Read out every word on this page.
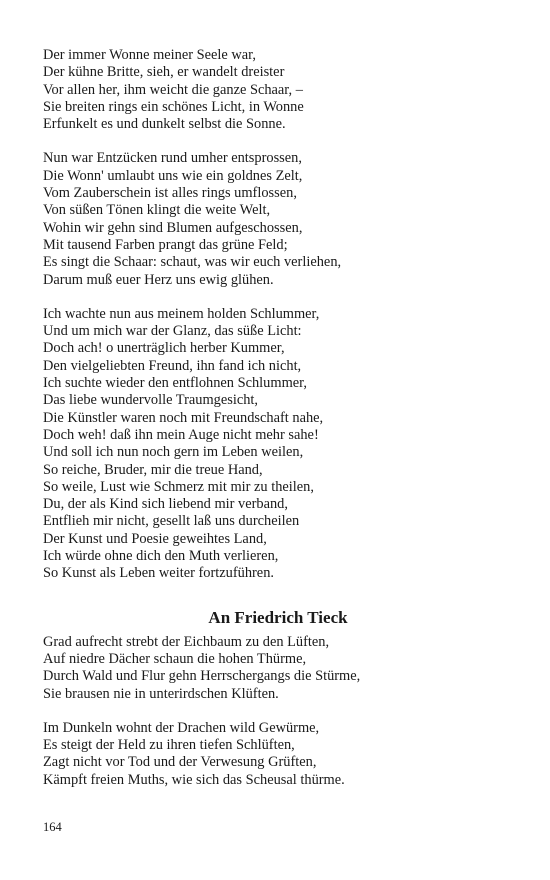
Der immer Wonne meiner Seele war,
Der kühne Britte, sieh, er wandelt dreister
Vor allen her, ihm weicht die ganze Schaar, –
Sie breiten rings ein schönes Licht, in Wonne
Erfunkelt es und dunkelt selbst die Sonne.
Nun war Entzücken rund umher entsprossen,
Die Wonn' umlaubt uns wie ein goldnes Zelt,
Vom Zauberschein ist alles rings umflossen,
Von süßen Tönen klingt die weite Welt,
Wohin wir gehn sind Blumen aufgeschossen,
Mit tausend Farben prangt das grüne Feld;
Es singt die Schaar: schaut, was wir euch verliehen,
Darum muß euer Herz uns ewig glühen.
Ich wachte nun aus meinem holden Schlummer,
Und um mich war der Glanz, das süße Licht:
Doch ach! o unerträglich herber Kummer,
Den vielgeliebten Freund, ihn fand ich nicht,
Ich suchte wieder den entflohnen Schlummer,
Das liebe wundervolle Traumgesicht,
Die Künstler waren noch mit Freundschaft nahe,
Doch weh! daß ihn mein Auge nicht mehr sahe!
Und soll ich nun noch gern im Leben weilen,
So reiche, Bruder, mir die treue Hand,
So weile, Lust wie Schmerz mit mir zu theilen,
Du, der als Kind sich liebend mir verband,
Entflieh mir nicht, gesellt laß uns durcheilen
Der Kunst und Poesie geweihtes Land,
Ich würde ohne dich den Muth verlieren,
So Kunst als Leben weiter fortzuführen.
An Friedrich Tieck
Grad aufrecht strebt der Eichbaum zu den Lüften,
Auf niedre Dächer schaun die hohen Thürme,
Durch Wald und Flur gehn Herrschergangs die Stürme,
Sie brausen nie in unterirdschen Klüften.
Im Dunkeln wohnt der Drachen wild Gewürme,
Es steigt der Held zu ihren tiefen Schlüften,
Zagt nicht vor Tod und der Verwesung Grüften,
Kämpft freien Muths, wie sich das Scheusal thürme.
164
